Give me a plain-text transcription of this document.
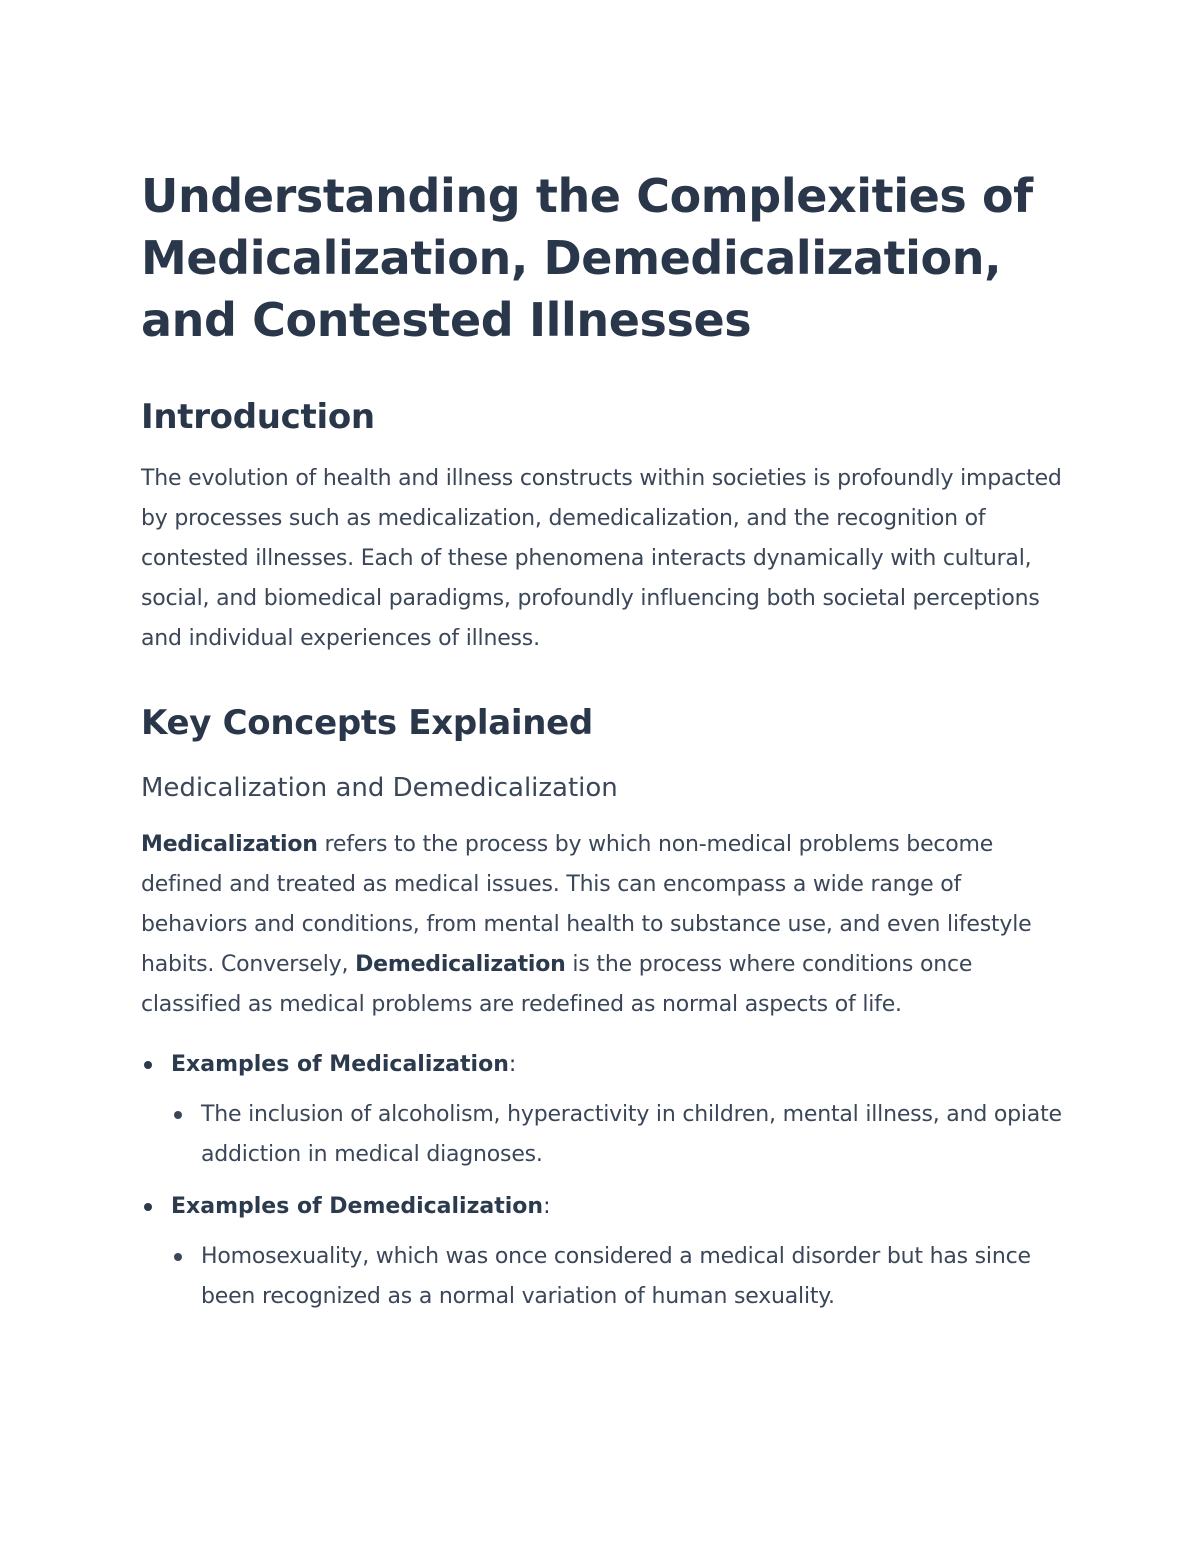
Understanding the Complexities of Medicalization, Demedicalization, and Contested Illnesses
Introduction

The evolution of health and illness constructs within societies is profoundly impacted by processes such as medicalization, demedicalization, and the recognition of contested illnesses. Each of these phenomena interacts dynamically with cultural, social, and biomedical paradigms, profoundly influencing both societal perceptions and individual experiences of illness.

Key Concepts Explained
Medicalization and Demedicalization

Medicalization refers to the process by which non-medical problems become defined and treated as medical issues. This can encompass a wide range of behaviors and conditions, from mental health to substance use, and even lifestyle habits. Conversely, Demedicalization is the process where conditions once classified as medical problems are redefined as normal aspects of life.

Examples of Medicalization:
The inclusion of alcoholism, hyperactivity in children, mental illness, and opiate addiction in medical diagnoses.
Examples of Demedicalization:
Homosexuality, which was once considered a medical disorder but has since been recognized as a normal variation of human sexuality.
